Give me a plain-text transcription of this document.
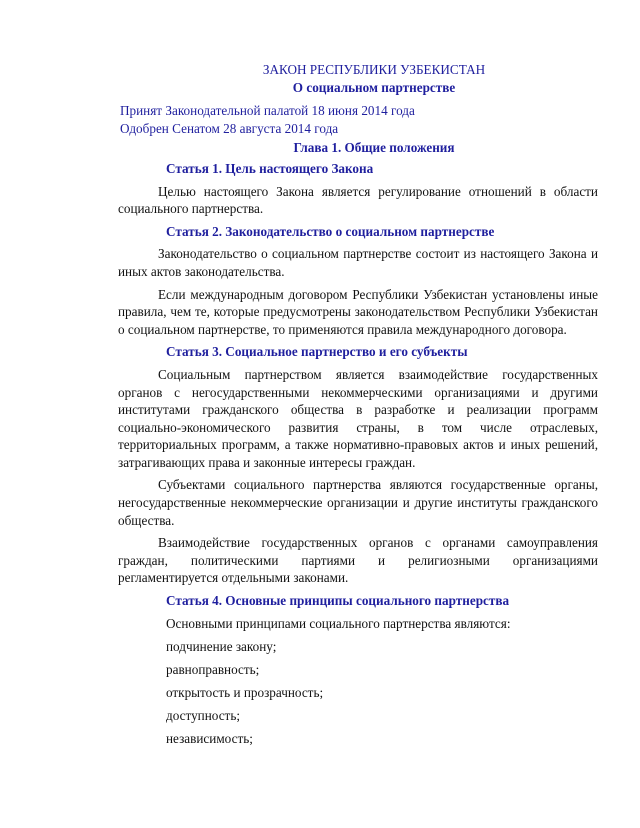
ЗАКОН РЕСПУБЛИКИ УЗБЕКИСТАН
О социальном партнерстве
Принят Законодательной палатой 18 июня 2014 года
Одобрен Сенатом 28 августа 2014 года
Глава 1. Общие положения
Статья 1. Цель настоящего Закона

Целью настоящего Закона является регулирование отношений в области социального партнерства.

Статья 2. Законодательство о социальном партнерстве

Законодательство о социальном партнерстве состоит из настоящего Закона и иных актов законодательства.

Если международным договором Республики Узбекистан установлены иные правила, чем те, которые предусмотрены законодательством Республики Узбекистан о социальном партнерстве, то применяются правила международного договора.

Статья 3. Социальное партнерство и его субъекты

Социальным партнерством является взаимодействие государственных органов с негосударственными некоммерческими организациями и другими институтами гражданского общества в разработке и реализации программ социально-экономического развития страны, в том числе отраслевых, территориальных программ, а также нормативно-правовых актов и иных решений, затрагивающих права и законные интересы граждан.

Субъектами социального партнерства являются государственные органы, негосударственные некоммерческие организации и другие институты гражданского общества.

Взаимодействие государственных органов с органами самоуправления граждан, политическими партиями и религиозными организациями регламентируется отдельными законами.

Статья 4. Основные принципы социального партнерства
Основными принципами социального партнерства являются:
подчинение закону;
равноправность;
открытость и прозрачность;
доступность;
независимость;
